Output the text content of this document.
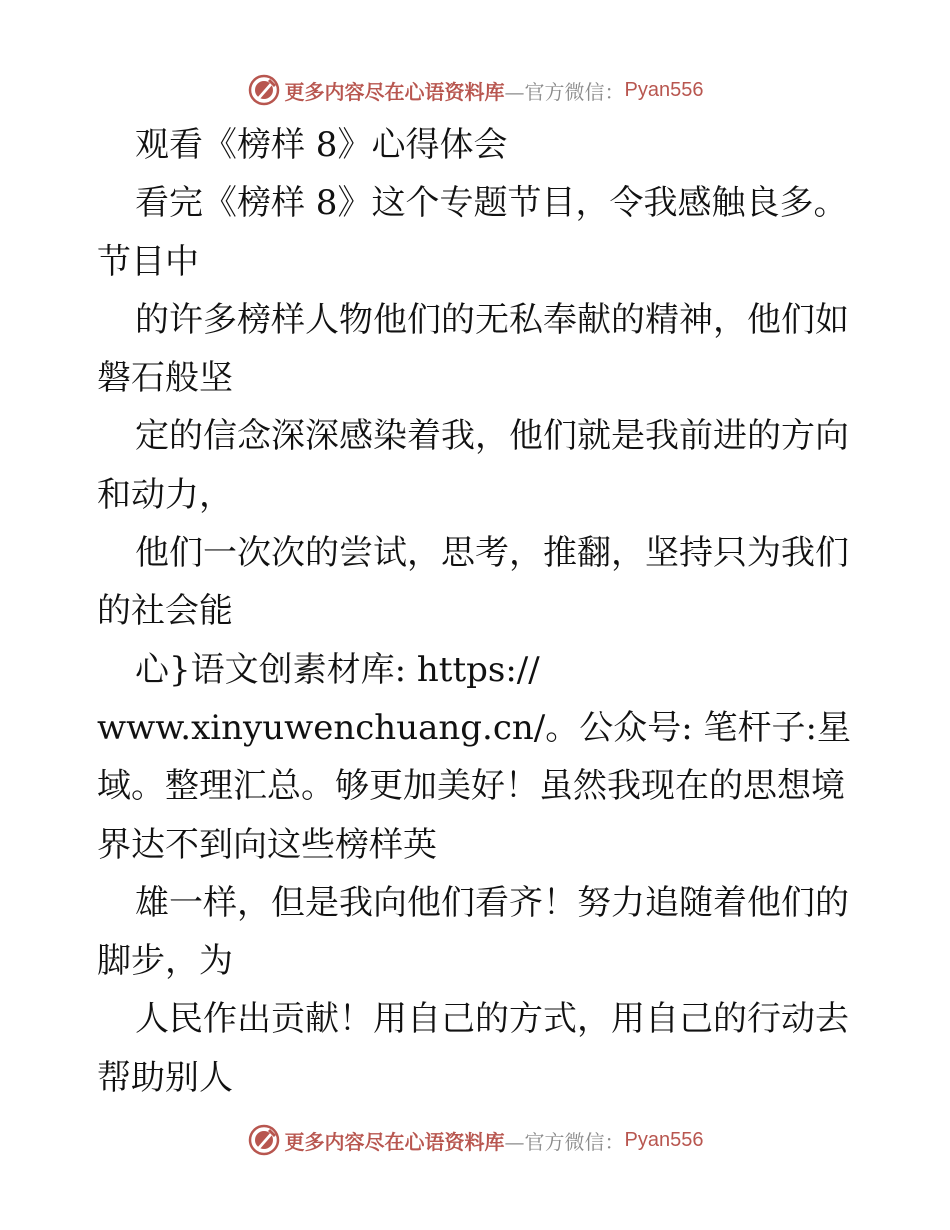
更多内容尽在心语资料库 —官方微信： Pyan556
观看《榜样 8》心得体会
看完《榜样 8》这个专题节目，令我感触良多。
节目中
的许多榜样人物他们的无私奉献的精神，他们如
磐石般坚
定的信念深深感染着我，他们就是我前进的方向
和动力，
他们一次次的尝试，思考，推翻，坚持只为我们
的社会能
心}语文创素材库: https://
www.xinyuwenchuang.cn/。公众号: 笔杆子:星
域。整理汇总。够更加美好！虽然我现在的思想境
界达不到向这些榜样英
雄一样，但是我向他们看齐！努力追随着他们的
脚步，为
人民作出贡献！用自己的方式，用自己的行动去
帮助别人
更多内容尽在心语资料库 —官方微信： Pyan556
